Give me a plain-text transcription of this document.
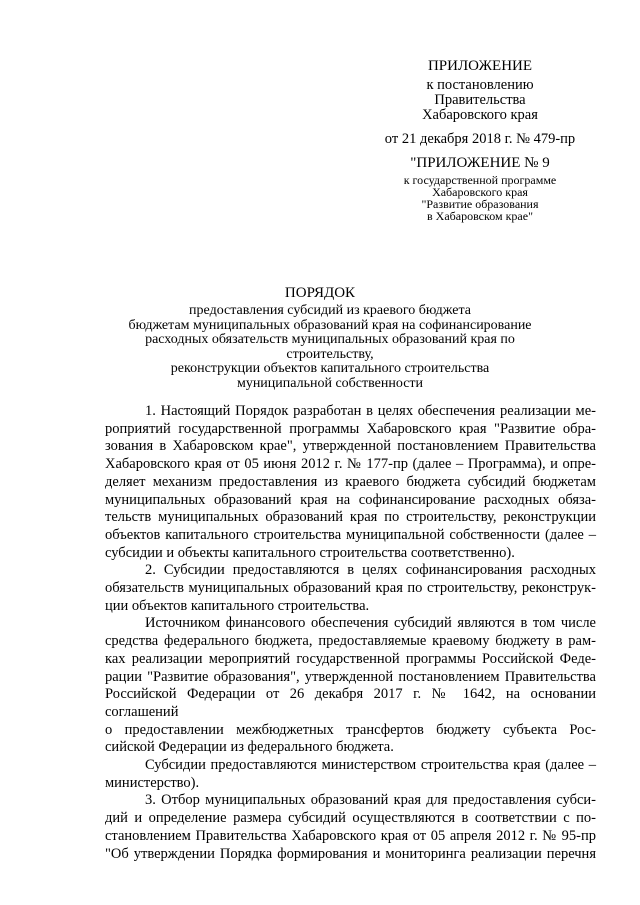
ПРИЛОЖЕНИЕ
к постановлению
Правительства
Хабаровского края
от 21 декабря 2018 г. № 479-пр
"ПРИЛОЖЕНИЕ № 9
к государственной программе
Хабаровского края
"Развитие образования
в Хабаровском крае"
ПОРЯДОК
предоставления субсидий из краевого бюджета
бюджетам муниципальных образований края на софинансирование
расходных обязательств муниципальных образований края по строительству,
реконструкции объектов капитального строительства
муниципальной собственности

1. Настоящий Порядок разработан в целях обеспечения реализации ме-
роприятий государственной программы Хабаровского края "Развитие обра-
зования в Хабаровском крае", утвержденной постановлением Правительства
Хабаровского края от 05 июня 2012 г. № 177-пр (далее – Программа), и опре-
деляет механизм предоставления из краевого бюджета субсидий бюджетам
муниципальных образований края на софинансирование расходных обяза-
тельств муниципальных образований края по строительству, реконструкции
объектов капитального строительства муниципальной собственности (далее –
субсидии и объекты капитального строительства соответственно).

2. Субсидии предоставляются в целях софинансирования расходных
обязательств муниципальных образований края по строительству, реконструк-
ции объектов капитального строительства.

Источником финансового обеспечения субсидий являются в том числе
средства федерального бюджета, предоставляемые краевому бюджету в рам-
ках реализации мероприятий государственной программы Российской Феде-
рации "Развитие образования", утвержденной постановлением Правительства
Российской Федерации от 26 декабря 2017 г. № 1642, на основании соглашений
о предоставлении межбюджетных трансфертов бюджету субъекта Рос-
сийской Федерации из федерального бюджета.

Субсидии предоставляются министерством строительства края (далее –
министерство).

3. Отбор муниципальных образований края для предоставления субси-
дий и определение размера субсидий осуществляются в соответствии с по-
становлением Правительства Хабаровского края от 05 апреля 2012 г. № 95-пр
"Об утверждении Порядка формирования и мониторинга реализации перечня
